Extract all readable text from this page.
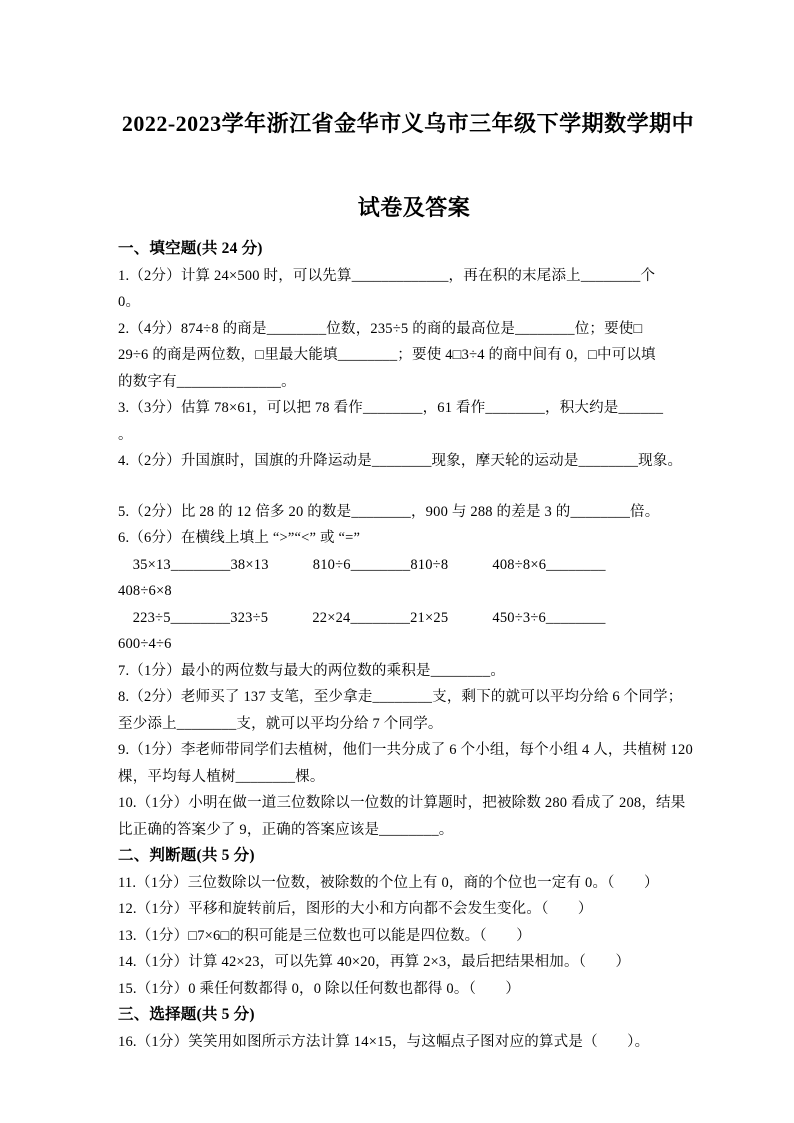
2022-2023学年浙江省金华市义乌市三年级下学期数学期中

试卷及答案

一、填空题(共 24 分)

1.（2分）计算 24×500 时，可以先算_____________，再在积的末尾添上________个

0。

2.（4分）874÷8 的商是________位数，235÷5 的商的最高位是________位；要使□

29÷6 的商是两位数，□里最大能填________；要使 4□3÷4 的商中间有 0，□中可以填

的数字有______________。

3.（3分）估算 78×61，可以把 78 看作________，61 看作________，积大约是______

。

4.（2分）升国旗时，国旗的升降运动是________现象，摩天轮的运动是________现象。

5.（2分）比 28 的 12 倍多 20 的数是________，900 与 288 的差是 3 的________倍。

6.（6分）在横线上填上 “>”“<” 或 “=”

　35×13________38×13　　　810÷6________810÷8　　　408÷8×6________

408÷6×8

　223÷5________323÷5　　　22×24________21×25　　　450÷3÷6________

600÷4÷6

7.（1分）最小的两位数与最大的两位数的乘积是________。

8.（2分）老师买了 137 支笔，至少拿走________支，剩下的就可以平均分给 6 个同学；

至少添上________支，就可以平均分给 7 个同学。

9.（1分）李老师带同学们去植树，他们一共分成了 6 个小组，每个小组 4 人，共植树 120

棵，平均每人植树________棵。

10.（1分）小明在做一道三位数除以一位数的计算题时，把被除数 280 看成了 208，结果

比正确的答案少了 9，正确的答案应该是________。

二、判断题(共 5 分)

11.（1分）三位数除以一位数，被除数的个位上有 0，商的个位也一定有 0。（　　）

12.（1分）平移和旋转前后，图形的大小和方向都不会发生变化。（　　）

13.（1分）□7×6□的积可能是三位数也可以能是四位数。（　　）

14.（1分）计算 42×23，可以先算 40×20，再算 2×3，最后把结果相加。（　　）

15.（1分）0 乘任何数都得 0，0 除以任何数也都得 0。（　　）

三、选择题(共 5 分)

16.（1分）笑笑用如图所示方法计算 14×15，与这幅点子图对应的算式是（　　）。
